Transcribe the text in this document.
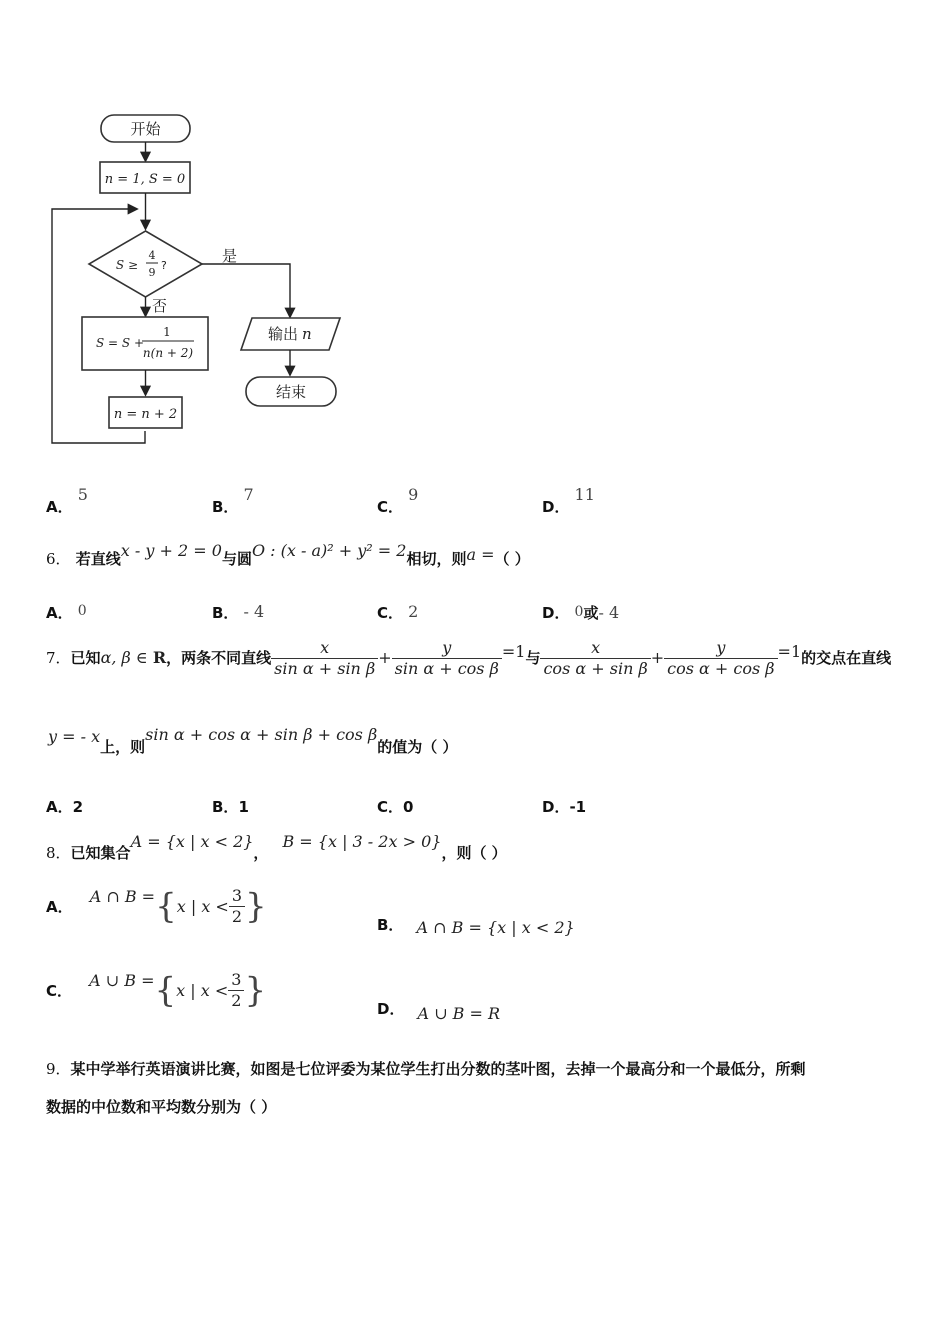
开始
n = 1, S = 0
S ≥
4
9
?
是
否
S = S +
1
n(n + 2)
n = n + 2
输出 n
结束
A． 5
B． 7
C． 9
D． 11
6． 若直线x - y + 2 = 0与圆O : (x - a)² + y² = 2相切，则a =（ ）
A． 0	B． - 4	C． 2	D． 0或- 4
7．已知α, β ∈ R，两条不同直线 $\frac{x}{\text{sin α + sin β}} + \frac{y}{\text{sin α + cos β}} =1$与 $\frac{x}{\text{cos α + sin β}} + \frac{y}{\text{cos α + cos β}} =1$的交点在直线
y = - x上，则sin α + cos α + sin β + cos β的值为（ ）
A．2	B．1	C．0	D．-1
8．已知集合A = {x | x < 2}，B = {x | 3 - 2x > 0}，则（ ）
A． A ∩ B ={x | $x < \frac{3}{2}$ }	B． A ∩ B = {x | x < 2}
C． A ∪ B ={x | $x < \frac{3}{2}$ }	D． A ∪ B = R
9．某中学举行英语演讲比赛，如图是七位评委为某位学生打出分数的茎叶图，去掉一个最高分和一个最低分，所剩
数据的中位数和平均数分别为（ ）
